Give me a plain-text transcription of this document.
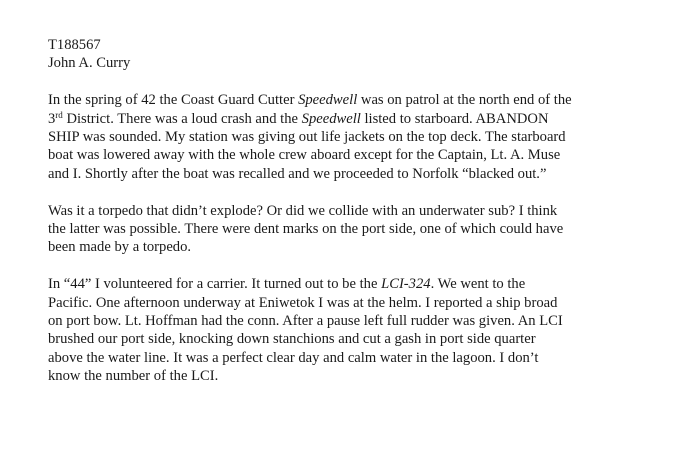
T188567

John A. Curry

In the spring of 42 the Coast Guard Cutter Speedwell was on patrol at the north end of the
3rd District. There was a loud crash and the Speedwell listed to starboard. ABANDON
SHIP was sounded. My station was giving out life jackets on the top deck. The starboard
boat was lowered away with the whole crew aboard except for the Captain, Lt. A. Muse
and I. Shortly after the boat was recalled and we proceeded to Norfolk “blacked out.”

Was it a torpedo that didn’t explode? Or did we collide with an underwater sub? I think
the latter was possible. There were dent marks on the port side, one of which could have
been made by a torpedo.

In “44” I volunteered for a carrier. It turned out to be the LCI-324. We went to the
Pacific. One afternoon underway at Eniwetok I was at the helm. I reported a ship broad
on port bow. Lt. Hoffman had the conn. After a pause left full rudder was given. An LCI
brushed our port side, knocking down stanchions and cut a gash in port side quarter
above the water line. It was a perfect clear day and calm water in the lagoon. I don’t
know the number of the LCI.
